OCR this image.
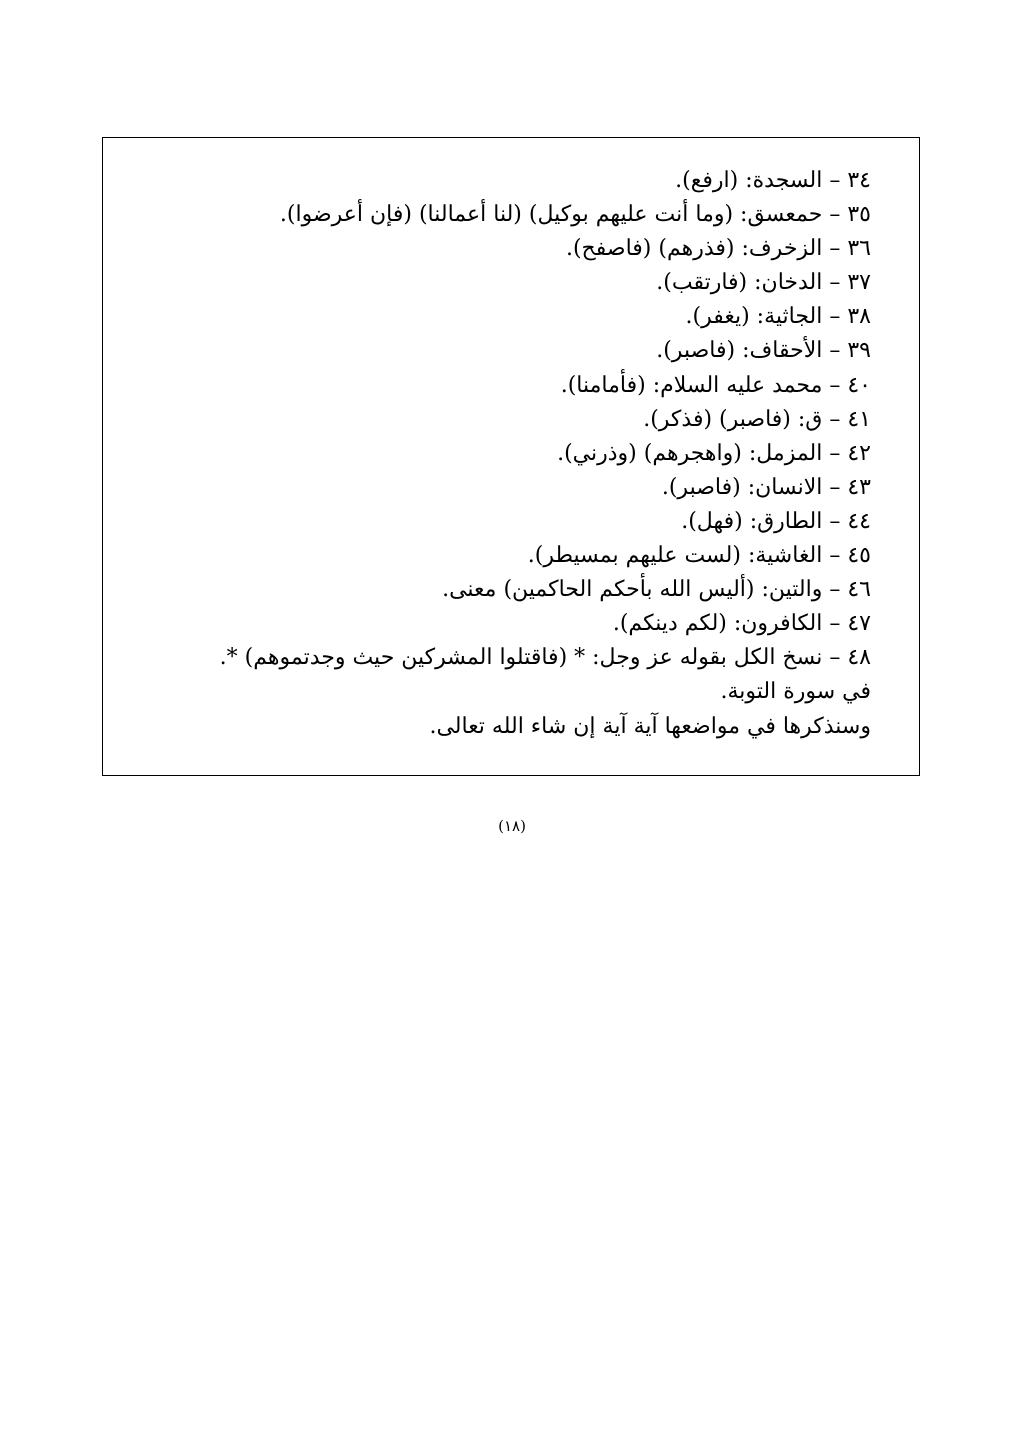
٣٤ – السجدة: (ارفع).
٣٥ – حمعسق: (وما أنت عليهم بوكيل) (لنا أعمالنا) (فإن أعرضوا).
٣٦ – الزخرف: (فذرهم) (فاصفح).
٣٧ – الدخان: (فارتقب).
٣٨ – الجاثية: (يغفر).
٣٩ – الأحقاف: (فاصبر).
٤٠ – محمد عليه السلام: (فأمامنا).
٤١ – ق: (فاصبر) (فذكر).
٤٢ – المزمل: (واهجرهم) (وذرني).
٤٣ – الانسان: (فاصبر).
٤٤ – الطارق: (فهل).
٤٥ – الغاشية: (لست عليهم بمسيطر).
٤٦ – والتين: (أليس الله بأحكم الحاكمين) معنى.
٤٧ – الكافرون: (لكم دينكم).
٤٨ – نسخ الكل بقوله عز وجل: * (فاقتلوا المشركين حيث وجدتموهم) *.
في سورة التوبة.
وسنذكرها في مواضعها آية آية إن شاء الله تعالى.
(١٨)
